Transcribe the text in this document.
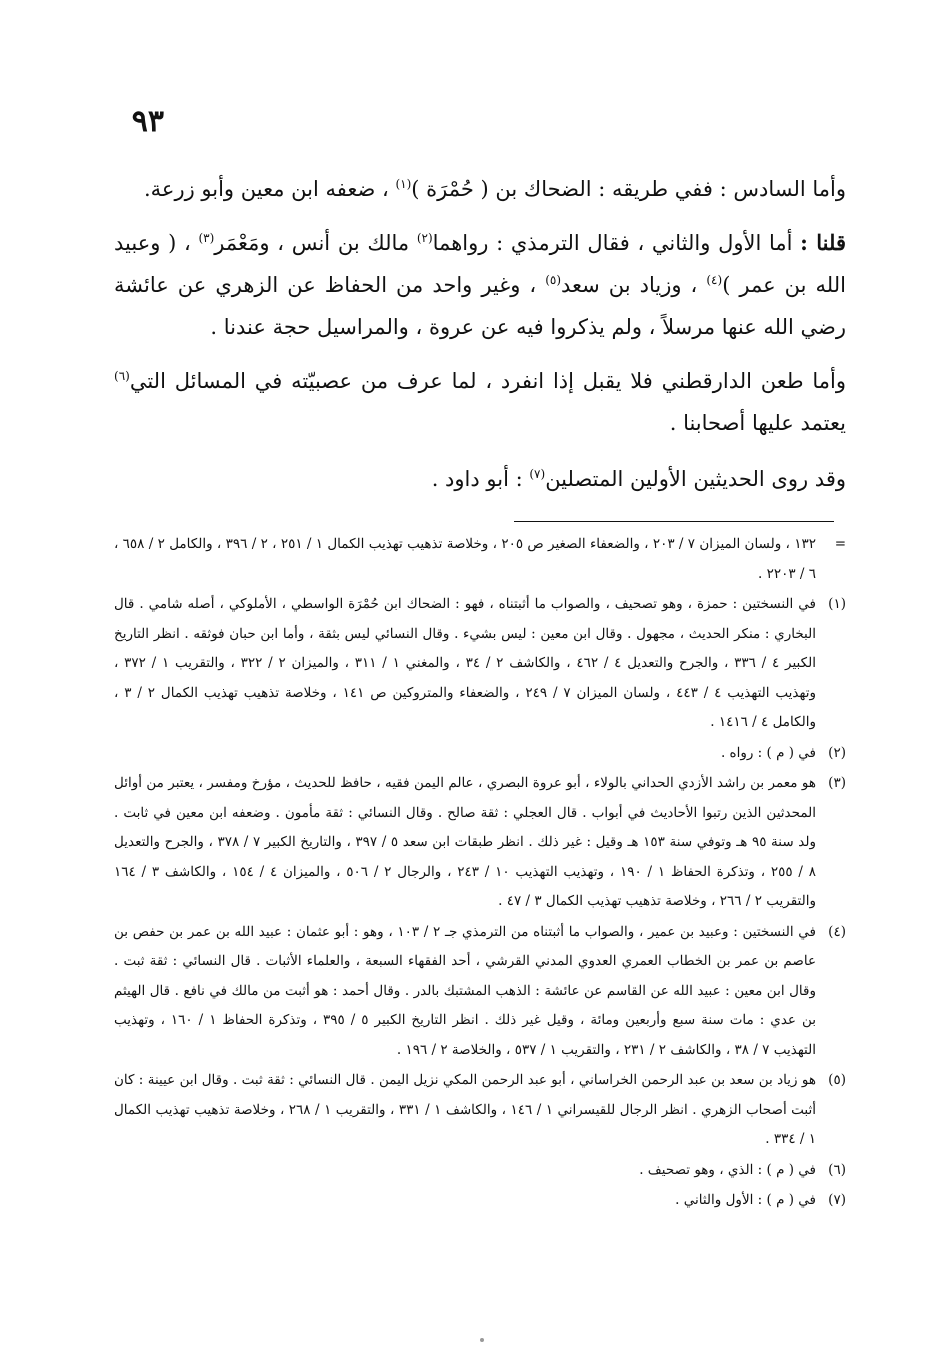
٩٣

وأما السادس : ففي طريقه : الضحاك بن ( حُمْرَة )$^{(١)}$ ، ضعفه ابن معين وأبو زرعة.

قلنا : أما الأول والثاني ، فقال الترمذي : رواهما$^{(٢)}$ مالك بن أنس ، ومَعْمَر$^{(٣)}$ ، ( وعبيد الله بن عمر )$^{(٤)}$ ، وزياد بن سعد$^{(٥)}$ ، وغير واحد من الحفاظ عن الزهري عن عائشة رضي الله عنها مرسلاً ، ولم يذكروا فيه عن عروة ، والمراسيل حجة عندنا .

وأما طعن الدارقطني فلا يقبل إذا انفرد ، لما عرف من عصبيّته في المسائل التي$^{(٦)}$ يعتمد عليها أصحابنا .

وقد روى الحديثين الأولين المتصلين$^{(٧)}$ : أبو داود .

=
١٣٢ ، ولسان الميزان ٧ / ٢٠٣ ، والضعفاء الصغير ص ٢٠٥ ، وخلاصة تذهيب تهذيب الكمال ١ / ٢٥١ ، ٢ / ٣٩٦ ، والكامل ٢ / ٦٥٨ ، ٦ / ٢٢٠٣ .
(١)
في النسختين : حمزة ، وهو تصحيف ، والصواب ما أثبتناه ، فهو : الضحاك ابن حُمْرَة الواسطي ، الأملوكي ، أصله شامي . قال البخاري : منكر الحديث ، مجهول . وقال ابن معين : ليس بشيء . وقال النسائي ليس بثقة ، وأما ابن حبان فوثقه . انظر التاريخ الكبير ٤ / ٣٣٦ ، والجرح والتعديل ٤ / ٤٦٢ ، والكاشف ٢ / ٣٤ ، والمغني ١ / ٣١١ ، والميزان ٢ / ٣٢٢ ، والتقريب ١ / ٣٧٢ ، وتهذيب التهذيب ٤ / ٤٤٣ ، ولسان الميزان ٧ / ٢٤٩ ، والضعفاء والمتروكين ص ١٤١ ، وخلاصة تذهيب تهذيب الكمال ٢ / ٣ ، والكامل ٤ / ١٤١٦ .
(٢)
في ( م ) : رواه .
(٣)
هو معمر بن راشد الأزدي الحداني بالولاء ، أبو عروة البصري ، عالم اليمن فقيه ، حافظ للحديث ، مؤرخ ومفسر ، يعتبر من أوائل المحدثين الذين رتبوا الأحاديث في أبواب . قال العجلي : ثقة صالح . وقال النسائي : ثقة مأمون . وضعفه ابن معين في ثابت . ولد سنة ٩٥ هـ وتوفي سنة ١٥٣ هـ وقيل : غير ذلك . انظر طبقات ابن سعد ٥ / ٣٩٧ ، والتاريخ الكبير ٧ / ٣٧٨ ، والجرح والتعديل ٨ / ٢٥٥ ، وتذكرة الحفاظ ١ / ١٩٠ ، وتهذيب التهذيب ١٠ / ٢٤٣ ، والرجال ٢ / ٥٠٦ ، والميزان ٤ / ١٥٤ ، والكاشف ٣ / ١٦٤ والتقريب ٢ / ٢٦٦ ، وخلاصة تذهيب تهذيب الكمال ٣ / ٤٧ .
(٤)
في النسختين : وعبيد بن عمير ، والصواب ما أثبتناه من الترمذي جـ ٢ / ١٠٣ ، وهو : أبو عثمان : عبيد الله بن عمر بن حفص بن عاصم بن عمر بن الخطاب العمري العدوي المدني القرشي ، أحد الفقهاء السبعة ، والعلماء الأثبات . قال النسائي : ثقة ثبت . وقال ابن معين : عبيد الله عن القاسم عن عائشة : الذهب المشتبك بالدر . وقال أحمد : هو أثبت من مالك في نافع . قال الهيثم بن عدي : مات سنة سبع وأربعين ومائة ، وقيل غير ذلك . انظر التاريخ الكبير ٥ / ٣٩٥ ، وتذكرة الحفاظ ١ / ١٦٠ ، وتهذيب التهذيب ٧ / ٣٨ ، والكاشف ٢ / ٢٣١ ، والتقريب ١ / ٥٣٧ ، والخلاصة ٢ / ١٩٦ .
(٥)
هو زياد بن سعد بن عبد الرحمن الخراساني ، أبو عبد الرحمن المكي نزيل اليمن . قال النسائي : ثقة ثبت . وقال ابن عيينة : كان أثبت أصحاب الزهري . انظر الرجال للقيسراني ١ / ١٤٦ ، والكاشف ١ / ٣٣١ ، والتقريب ١ / ٢٦٨ ، وخلاصة تذهيب تهذيب الكمال ١ / ٣٣٤ .
(٦)
في ( م ) : الذي ، وهو تصحيف .
(٧)
في ( م ) : الأول والثاني .
